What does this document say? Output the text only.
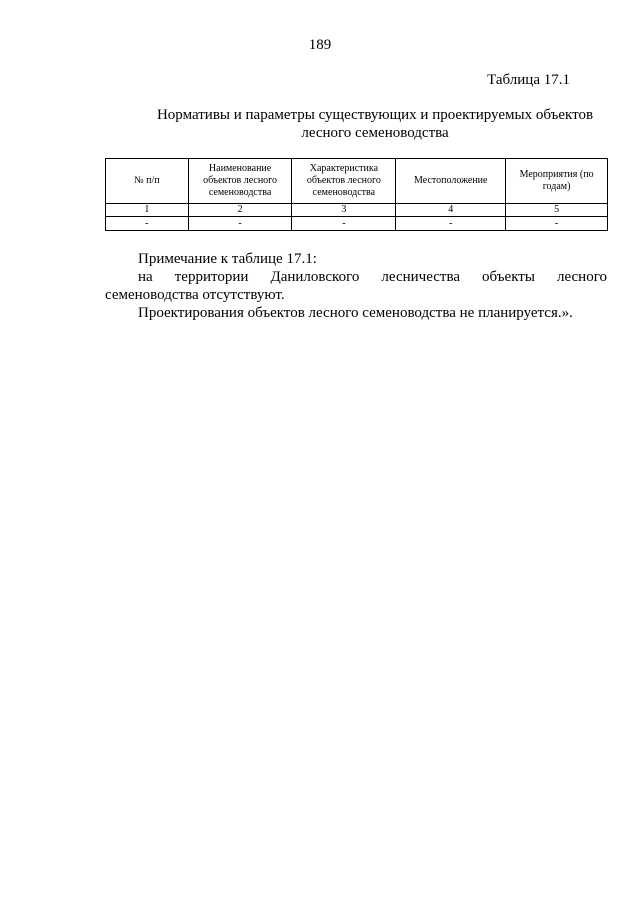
189
Таблица 17.1
Нормативы и параметры существующих и проектируемых объектов
лесного семеноводства
№ п/п	Наименование объектов лесного семеноводства	Характеристика объектов лесного семеноводства	Местоположение	Мероприятия (по годам)
1	2	3	4	5
-	-	-	-	-

Примечание к таблице 17.1:

на территории Даниловского лесничества объекты лесного

семеноводства отсутствуют.

Проектирования объектов лесного семеноводства не планируется.».
